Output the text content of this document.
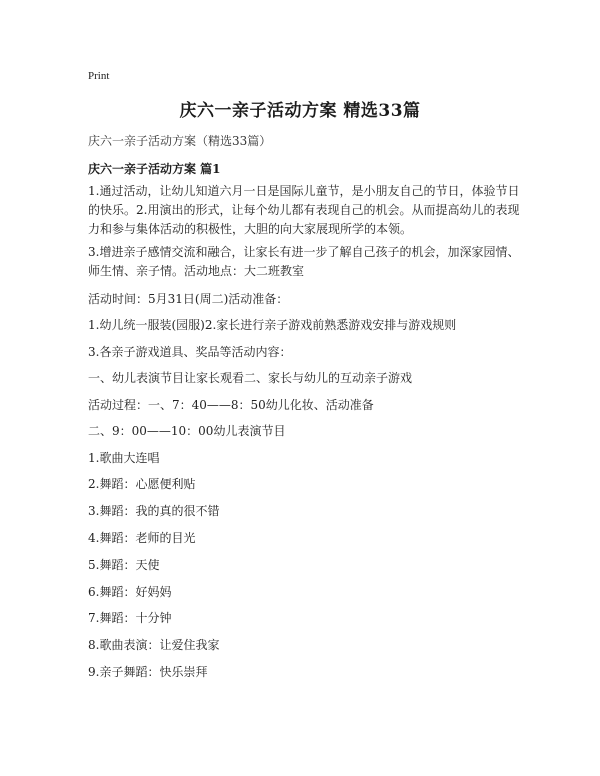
Print
庆六一亲子活动方案 精选33篇
庆六一亲子活动方案（精选33篇）
庆六一亲子活动方案 篇1
1.通过活动，让幼儿知道六月一日是国际儿童节，是小朋友自己的节日，体验节日的快乐。2.用演出的形式，让每个幼儿都有表现自己的机会。从而提高幼儿的表现力和参与集体活动的积极性，大胆的向大家展现所学的本领。
3.增进亲子感情交流和融合，让家长有进一步了解自己孩子的机会，加深家园情、师生情、亲子情。活动地点：大二班教室
活动时间：5月31日(周二)活动准备：
1.幼儿统一服装(园服)2.家长进行亲子游戏前熟悉游戏安排与游戏规则
3.各亲子游戏道具、奖品等活动内容：
一、幼儿表演节目让家长观看二、家长与幼儿的互动亲子游戏
活动过程：一、7：40——8：50幼儿化妆、活动准备
二、9：00——10：00幼儿表演节目
1.歌曲大连唱
2.舞蹈：心愿便利贴
3.舞蹈：我的真的很不错
4.舞蹈：老师的目光
5.舞蹈：天使
6.舞蹈：好妈妈
7.舞蹈：十分钟
8.歌曲表演：让爱住我家
9.亲子舞蹈：快乐崇拜
